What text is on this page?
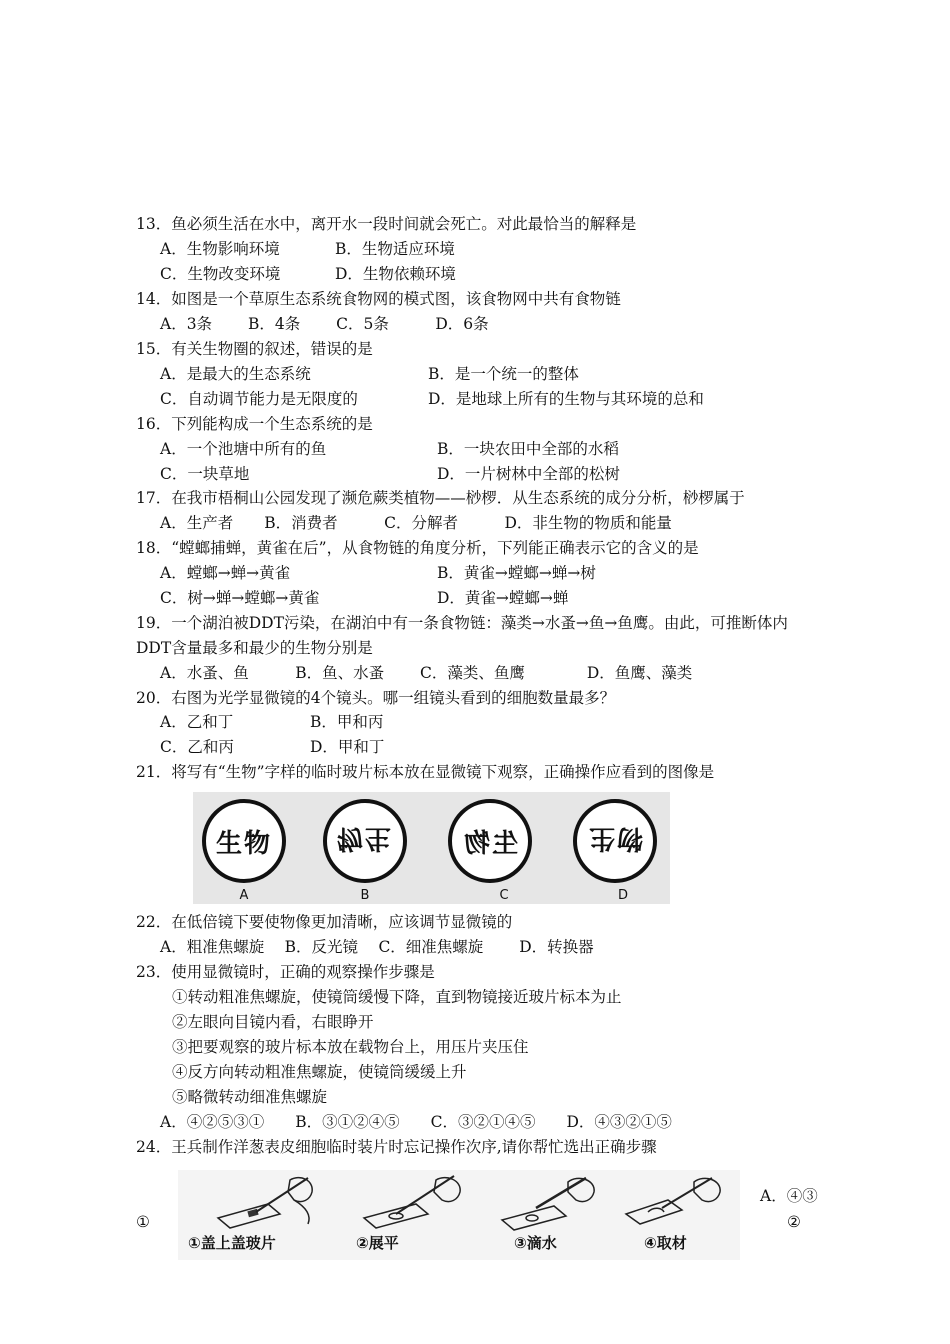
13．鱼必须生活在水中，离开水一段时间就会死亡。对此最恰当的解释是
A．生物影响环境	B．生物适应环境
C．生物改变环境	D．生物依赖环境
14．如图是一个草原生态系统食物网的模式图，该食物网中共有食物链
A．3条　　 B．4条　　 C．5条　　　D．6条
15．有关生物圈的叙述，错误的是
A．是最大的生态系统	B．是一个统一的整体
C．自动调节能力是无限度的	D．是地球上所有的生物与其环境的总和
16．下列能构成一个生态系统的是
A．一个池塘中所有的鱼	B．一块农田中全部的水稻
C．一块草地	D．一片树林中全部的松树
17．在我市梧桐山公园发现了濒危蕨类植物——桫椤．从生态系统的成分分析，桫椤属于
A．生产者　　B．消费者　　　C．分解者　　　D．非生物的物质和能量
18．“螳螂捕蝉，黄雀在后”，从食物链的角度分析，下列能正确表示它的含义的是
A．螳螂→蝉→黄雀	B．黄雀→螳螂→蝉→树
C．树→蝉→螳螂→黄雀	D．黄雀→螳螂→蝉
19．一个湖泊被DDT污染，在湖泊中有一条食物链：藻类→水蚤→鱼→鱼鹰。由此，可推断体内
DDT含量最多和最少的生物分别是
A．水蚤、鱼　　　B．鱼、水蚤　　 C．藻类、鱼鹰　　　　D．鱼鹰、藻类
20．右图为光学显微镜的4个镜头。哪一组镜头看到的细胞数量最多？
A．乙和丁	B．甲和丙
C．乙和丙	D．甲和丁
21．将写有“生物”字样的临时玻片标本放在显微镜下观察，正确操作应看到的图像是
生物
A
物生
B
生物
C
物生
D
22．在低倍镜下要使物像更加清晰，应该调节显微镜的
A．粗准焦螺旋　 B．反光镜　 C．细准焦螺旋　　 D．转换器
23．使用显微镜时，正确的观察操作步骤是
①转动粗准焦螺旋，使镜筒缓慢下降，直到物镜接近玻片标本为止
②左眼向目镜内看，右眼睁开
③把要观察的玻片标本放在载物台上，用压片夹压住
④反方向转动粗准焦螺旋，使镜筒缓缓上升
⑤略微转动细准焦螺旋
A．④②⑤③①　　B．③①②④⑤　　C．③②①④⑤　　D．④③②①⑤
24．王兵制作洋葱表皮细胞临时装片时忘记操作次序,请你帮忙选出正确步骤
①
A．④③
②
①盖上盖玻片	②展平	③滴水	④取材
